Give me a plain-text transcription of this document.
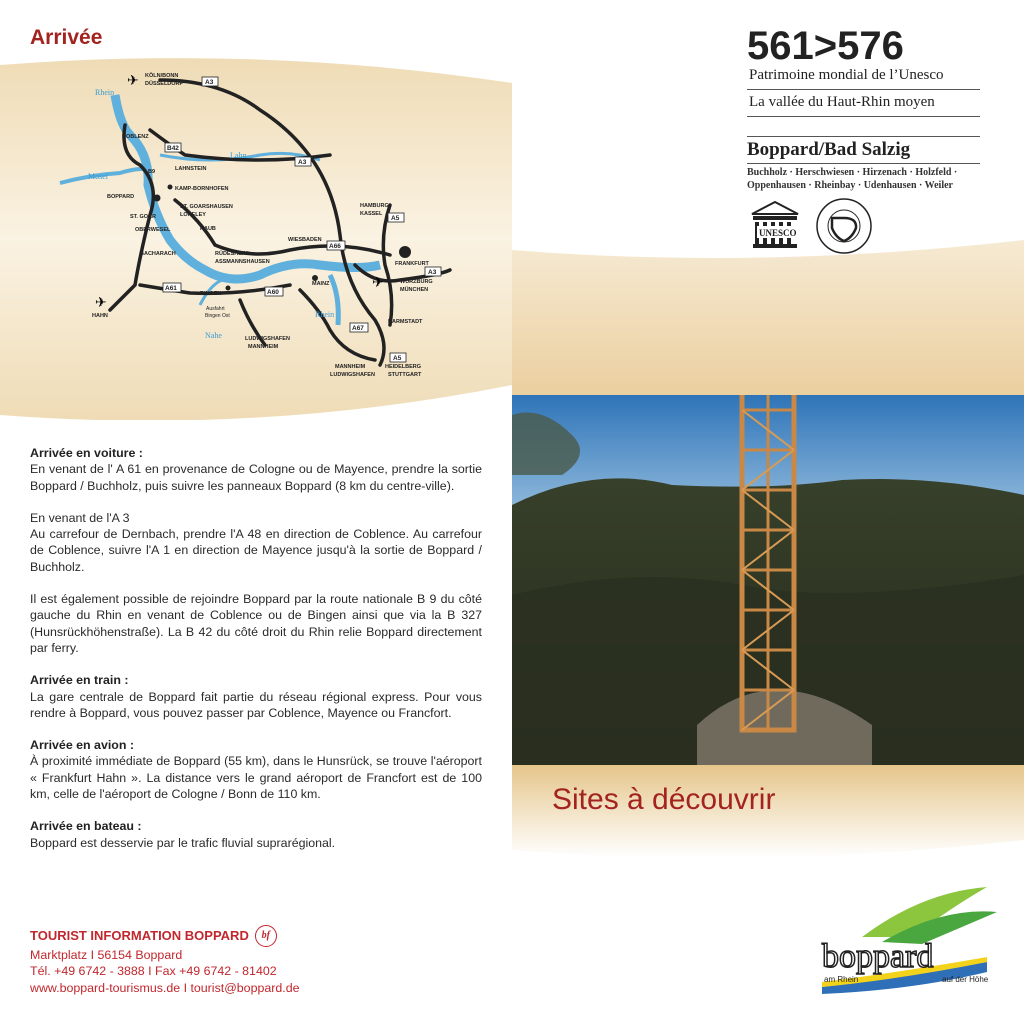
Arrivée
✈
✈
✈
A3
A3
A5
A66
A3
A61
A60
A67
A5
B42
KÖLN/BONN
DÜSSELDORF
KOBLENZ
LAHNSTEIN
B9
BOPPARD
KAMP-BORNHOFEN
ST. GOARSHAUSEN
LORELEY
ST. GOAR
OBERWESEL	KAUB
HAMBURG
KASSEL
WIESBADEN
FRANKFURT
BACHARACH	RÜDESHEIM/
ASSMANNSHAUSEN
WÜRZBURG
MÜNCHEN
BINGEN
MAINZ
HAHN
DARMSTADT
LUDWIGSHAFEN
MANNHEIM
MANNHEIM
LUDWIGSHAFEN
HEIDELBERG
STUTTGART
Ausfahrt
Bingen Ost
Rhein
Lahn
Mosel
Rhein
Nahe
Arrivée en voiture :

En venant de l' A 61 en provenance de Cologne ou de Mayence, prendre la sortie Boppard / Buchholz, puis suivre les panneaux Boppard (8 km du centre-ville).

En venant de l'A 3

Au carrefour de Dernbach, prendre l'A 48 en direction de Coblence. Au carrefour de Coblence, suivre l'A 1 en direction de Mayence jusqu'à la sortie de Boppard / Buchholz.

Il est également possible de rejoindre Boppard par la route nationale B 9 du côté gauche du Rhin en venant de Coblence ou de Bingen ainsi que via la B 327 (Hunsrückhöhenstraße). La B 42 du côté droit du Rhin relie Boppard directement par ferry.

Arrivée en train :

La gare centrale de Boppard fait partie du réseau régional express. Pour vous rendre à Boppard, vous pouvez passer par Coblence, Mayence ou Francfort.

Arrivée en avion :

À proximité immédiate de Boppard (55 km), dans le Hunsrück, se trouve l'aéroport « Frankfurt Hahn ». La distance vers le grand aéroport de Francfort est de 100 km, celle de l'aéroport de Cologne / Bonn de 110 km.

Arrivée en bateau :

Boppard est desservie par le trafic fluvial suprarégional.

TOURIST INFORMATION BOPPARD	bf
Marktplatz I 56154 Boppard
Tél. +49 6742 - 3888 I Fax +49 6742 - 81402
www.boppard-tourismus.de I tourist@boppard.de
561>576
Patrimoine mondial de l’Unesco
La vallée du Haut-Rhin moyen
Boppard/Bad Salzig
Buchholz · Herschwiesen · Hirzenach · Holzfeld ·
Oppenhausen · Rheinbay · Udenhausen · Weiler
UNESCO
Sites à découvrir
boppard
am Rhein	auf der Höhe
